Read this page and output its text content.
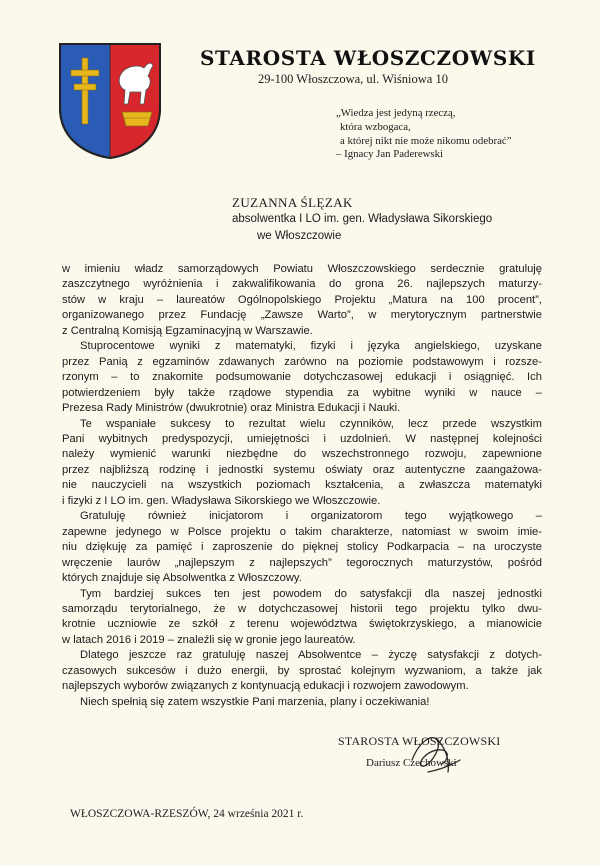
STAROSTA WŁOSZCZOWSKI
29-100 Włoszczowa, ul. Wiśniowa 10
„Wiedza jest jedyną rzeczą,
która wzbogaca,
a której nikt nie może nikomu odebrać”
– Ignacy Jan Paderewski
ZUZANNA ŚLĘZAK
absolwentka I LO im. gen. Władysława Sikorskiego
we Włoszczowie
w imieniu władz samorządowych Powiatu Włoszczowskiego serdecznie gratuluję
zaszczytnego wyróżnienia i zakwalifikowania do grona 26. najlepszych maturzy-
stów w kraju – laureatów Ogólnopolskiego Projektu „Matura na 100 procent”,
organizowanego przez Fundację „Zawsze Warto”, w merytorycznym partnerstwie
z Centralną Komisją Egzaminacyjną w Warszawie.
Stuprocentowe wyniki z matematyki, fizyki i języka angielskiego, uzyskane
przez Panią z egzaminów zdawanych zarówno na poziomie podstawowym i rozsze-
rzonym – to znakomite podsumowanie dotychczasowej edukacji i osiągnięć. Ich
potwierdzeniem były także rządowe stypendia za wybitne wyniki w nauce –
Prezesa Rady Ministrów (dwukrotnie) oraz Ministra Edukacji i Nauki.
Te wspaniałe sukcesy to rezultat wielu czynników, lecz przede wszystkim
Pani wybitnych predyspozycji, umiejętności i uzdolnień. W następnej kolejności
należy wymienić warunki niezbędne do wszechstronnego rozwoju, zapewnione
przez najbliższą rodzinę i jednostki systemu oświaty oraz autentyczne zaangażowa-
nie nauczycieli na wszystkich poziomach kształcenia, a zwłaszcza matematyki
i fizyki z I LO im. gen. Władysława Sikorskiego we Włoszczowie.
Gratuluję również inicjatorom i organizatorom tego wyjątkowego –
zapewne jedynego w Polsce projektu o takim charakterze, natomiast w swoim imie-
niu dziękuję za pamięć i zaproszenie do pięknej stolicy Podkarpacia – na uroczyste
wręczenie laurów „najlepszym z najlepszych” tegorocznych maturzystów, pośród
których znajduje się Absolwentka z Włoszczowy.
Tym bardziej sukces ten jest powodem do satysfakcji dla naszej jednostki
samorządu terytorialnego, że w dotychczasowej historii tego projektu tylko dwu-
krotnie uczniowie ze szkół z terenu województwa świętokrzyskiego, a mianowicie
w latach 2016 i 2019 – znaleźli się w gronie jego laureatów.
Dlatego jeszcze raz gratuluję naszej Absolwentce – życzę satysfakcji z dotych-
czasowych sukcesów i dużo energii, by sprostać kolejnym wyzwaniom, a także jak
najlepszych wyborów związanych z kontynuacją edukacji i rozwojem zawodowym.
Niech spełnią się zatem wszystkie Pani marzenia, plany i oczekiwania!
STAROSTA WŁOSZCZOWSKI
Dariusz Czechowski
WŁOSZCZOWA-RZESZÓW, 24 września 2021 r.
